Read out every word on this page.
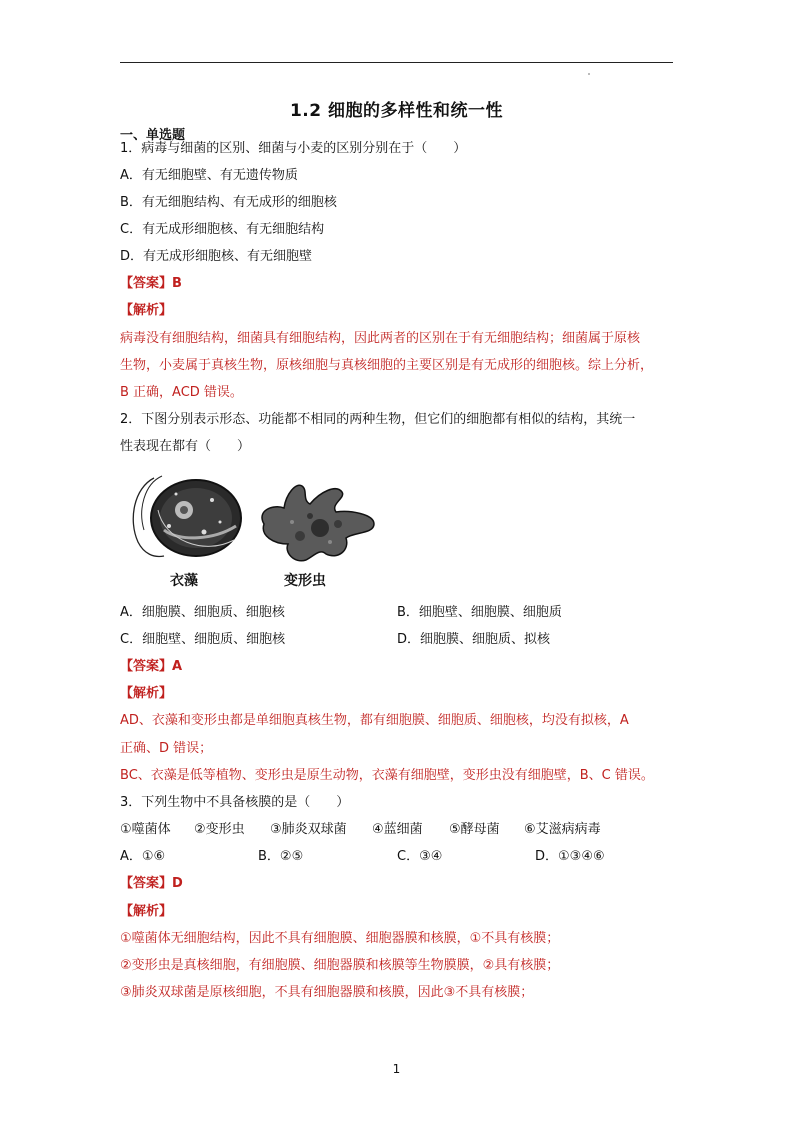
1.2 细胞的多样性和统一性
一、单选题
1．病毒与细菌的区别、细菌与小麦的区别分别在于（　　）
A．有无细胞壁、有无遗传物质
B．有无细胞结构、有无成形的细胞核
C．有无成形细胞核、有无细胞结构
D．有无成形细胞核、有无细胞壁
【答案】B
【解析】
病毒没有细胞结构，细菌具有细胞结构，因此两者的区别在于有无细胞结构；细菌属于原核
生物，小麦属于真核生物，原核细胞与真核细胞的主要区别是有无成形的细胞核。综上分析，
B 正确，ACD 错误。
2．下图分别表示形态、功能都不相同的两种生物，但它们的细胞都有相似的结构，其统一
性表现在都有（　　）
衣藻	变形虫
A．细胞膜、细胞质、细胞核	B．细胞壁、细胞膜、细胞质
C．细胞壁、细胞质、细胞核	D．细胞膜、细胞质、拟核
【答案】A
【解析】
AD、衣藻和变形虫都是单细胞真核生物，都有细胞膜、细胞质、细胞核，均没有拟核，A
正确、D 错误；
BC、衣藻是低等植物、变形虫是原生动物，衣藻有细胞壁，变形虫没有细胞壁，B、C 错误。
3．下列生物中不具备核膜的是（　　）
①噬菌体 ②变形虫 ③肺炎双球菌 ④蓝细菌 ⑤酵母菌 ⑥艾滋病病毒
A．①⑥	B．②⑤	C．③④	D．①③④⑥
【答案】D
【解析】
①噬菌体无细胞结构，因此不具有细胞膜、细胞器膜和核膜，①不具有核膜；
②变形虫是真核细胞，有细胞膜、细胞器膜和核膜等生物膜膜，②具有核膜；
③肺炎双球菌是原核细胞，不具有细胞器膜和核膜，因此③不具有核膜；
1
